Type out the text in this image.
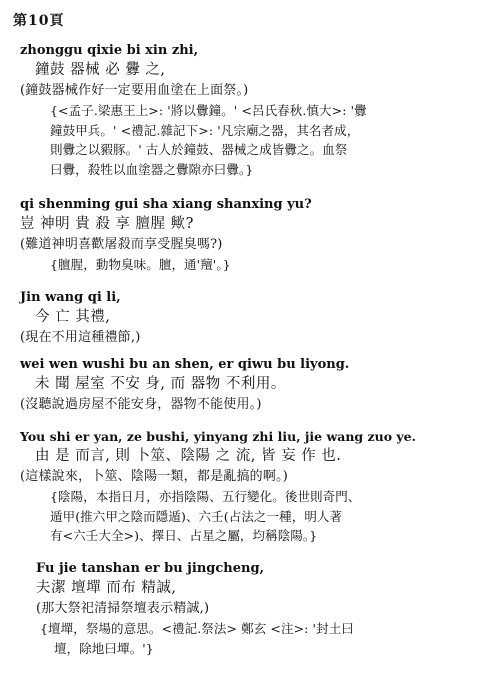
第10頁
zhonggu qixie bi xin zhi,
鐘鼓 器械 必 釁 之,
(鐘鼓器械作好一定要用血塗在上面祭。)
{<孟子.梁惠王上>: '將以釁鐘。' <呂氏春秋.慎大>: '釁
鐘鼓甲兵。' <禮記.雜記下>: '凡宗廟之器，其名者成，
則釁之以豭豚。' 古人於鐘鼓、器械之成皆釁之。血祭
曰釁，殺牲以血塗器之釁隙亦曰釁。}
qi shenming gui sha xiang shanxing yu?
豈 神明 貴 殺 享 膻腥 歟?
(難道神明喜歡屠殺而享受腥臭嗎?)
{膻腥，動物臭味。膻，通'羶'。}
Jin wang qi li,
今 亡 其禮,
(現在不用這種禮節,)
wei wen wushi bu an shen, er qiwu bu liyong.
未 聞 屋室 不安 身, 而 器物 不利用。
(沒聽說過房屋不能安身，器物不能使用。)
You shi er yan, ze bushi, yinyang zhi liu, jie wang zuo ye.
由 是 而言, 則 卜筮、陰陽 之 流, 皆 妄 作 也.
(這樣說來，卜筮、陰陽一類，都是亂搞的啊。)
{陰陽，本指日月，亦指陰陽、五行變化。後世則奇門、
遁甲(推六甲之陰而隱遁)、六壬(占法之一種，明人著
有<六壬大全>)、擇日、占星之屬，均稱陰陽。}
Fu jie tanshan er bu jingcheng,
夫潔 壇墠 而布 精誠,
(那大祭祀清掃祭壇表示精誠,)
{壇墠，祭場的意思。<禮記.祭法> 鄭玄 <注>: '封土曰
壇，除地曰墠。'}
